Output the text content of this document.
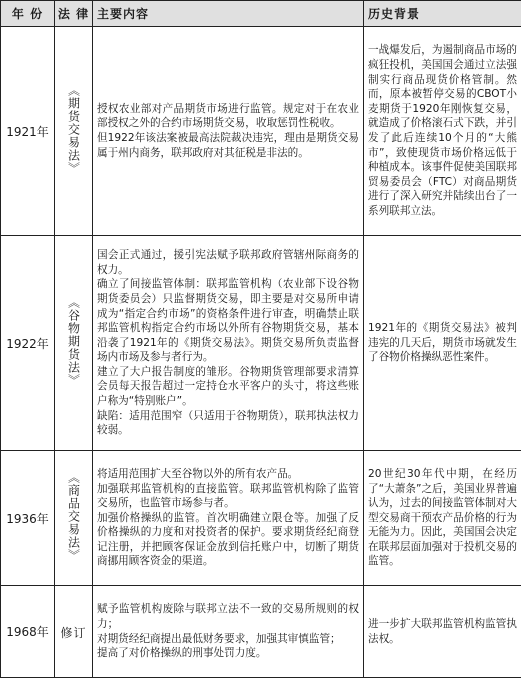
年 份	法 律	主要内容	历史背景
1921年	《期货交易法》	授权农业部对产品期货市场进行监管。规定对于在农业部授权之外的合约市场期货交易，收取惩罚性税收。

但1922年该法案被最高法院裁决违宪，理由是期货交易属于州内商务，联邦政府对其征税是非法的。	一战爆发后，为遏制商品市场的疯狂投机，美国国会通过立法强制实行商品现货价格管制。然而，原本被暂停交易的CBOT小麦期货于1920年刚恢复交易，就造成了价格滚石式下跌，并引发了此后连续10个月的“大熊市”，致使现货市场价格远低于种植成本。该事件促使美国联邦贸易委员会（FTC）对商品期货进行了深入研究并陆续出台了一系列联邦立法。

1922年	《谷物期货法》	国会正式通过，援引宪法赋予联邦政府管辖州际商务的权力。

确立了间接监管体制：联邦监管机构（农业部下设谷物期货委员会）只监督期货交易，即主要是对交易所申请成为“指定合约市场”的资格条件进行审查，明确禁止联邦监管机构指定合约市场以外所有谷物期货交易，基本沿袭了1921年的《期货交易法》。期货交易所负责监督场内市场及参与者行为。

建立了大户报告制度的雏形。谷物期货管理部要求清算会员每天报告超过一定持仓水平客户的头寸，将这些账户称为“特别账户”。

缺陷：适用范围窄（只适用于谷物期货），联邦执法权力较弱。	1921年的《期货交易法》被判违宪的几天后，期货市场就发生了谷物价格操纵恶性案件。

1936年	《商品交易法》	将适用范围扩大至谷物以外的所有农产品。

加强联邦监管机构的直接监管。联邦监管机构除了监管交易所，也监管市场参与者。

加强价格操纵的监管。首次明确建立限仓等。加强了反价格操纵的力度和对投资者的保护。要求期货经纪商登记注册，并把顾客保证金放到信托账户中，切断了期货商挪用顾客资金的渠道。	20世纪30年代中期，在经历了“大萧条”之后，美国业界普遍认为，过去的间接监管体制对大型交易商干预农产品价格的行为无能为力。因此，美国国会决定在联邦层面加强对于投机交易的监管。

1968年	修订	赋予监管机构废除与联邦立法不一致的交易所规则的权力；

对期货经纪商提出最低财务要求，加强其审慎监管；

提高了对价格操纵的刑事处罚力度。	进一步扩大联邦监管机构监管执法权。
